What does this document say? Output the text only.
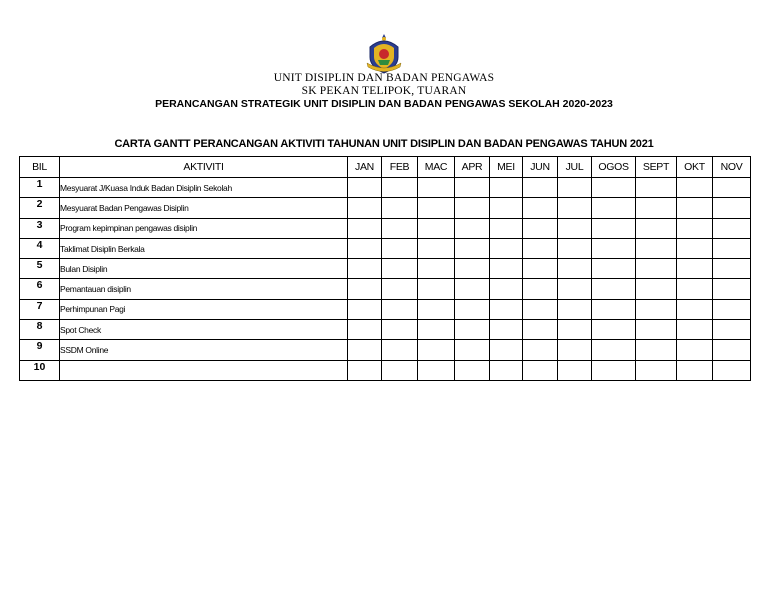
UNIT DISIPLIN DAN BADAN PENGAWAS
SK PEKAN TELIPOK, TUARAN
PERANCANGAN STRATEGIK UNIT DISIPLIN DAN BADAN PENGAWAS SEKOLAH 2020-2023
CARTA GANTT PERANCANGAN AKTIVITI TAHUNAN UNIT DISIPLIN DAN BADAN PENGAWAS TAHUN 2021
BIL	AKTIVITI	JAN	FEB	MAC	APR	MEI	JUN	JUL	OGOS	SEPT	OKT	NOV
1	Mesyuarat J/Kuasa Induk Badan Disiplin Sekolah											
2	Mesyuarat Badan Pengawas Disiplin											
3	Program kepimpinan pengawas disiplin											
4	Taklimat Disiplin Berkala											
5	Bulan Disiplin											
6	Pemantauan disiplin											
7	Perhimpunan Pagi											
8	Spot Check											
9	SSDM Online											
10												
